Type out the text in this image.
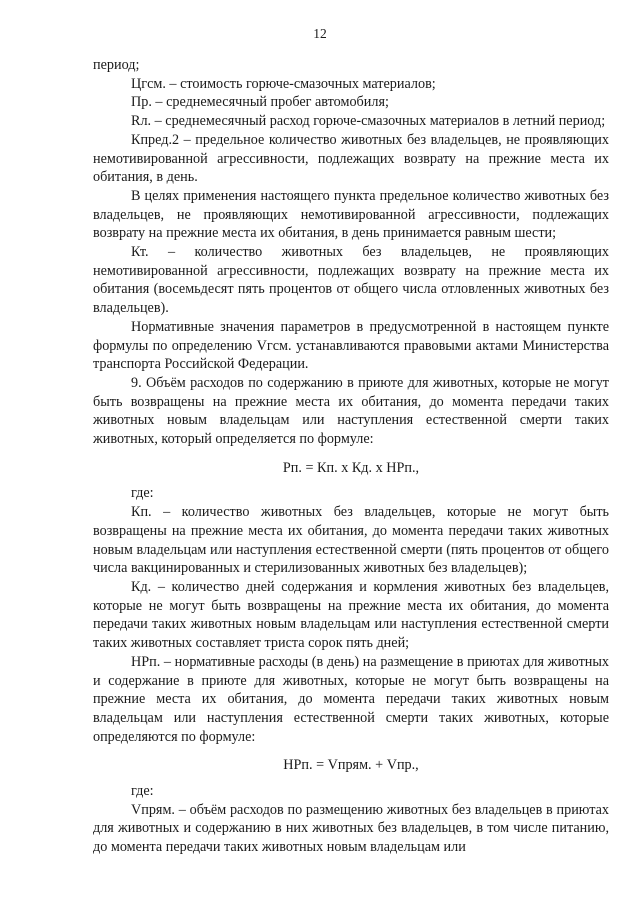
12

период;

Цгсм. – стоимость горюче-смазочных материалов;

Пр. – среднемесячный пробег автомобиля;

Rл. – среднемесячный расход горюче-смазочных материалов в летний период;

Кпред.2 – предельное количество животных без владельцев, не проявляющих немотивированной агрессивности, подлежащих возврату на прежние места их обитания, в день.

В целях применения настоящего пункта предельное количество животных без владельцев, не проявляющих немотивированной агрессивности, подлежащих возврату на прежние места их обитания, в день принимается равным шести;

Кт. – количество животных без владельцев, не проявляющих немотивированной агрессивности, подлежащих возврату на прежние места их обитания (восемьдесят пять процентов от общего числа отловленных животных без владельцев).

Нормативные значения параметров в предусмотренной в настоящем пункте формулы по определению Vгсм. устанавливаются правовыми актами Министерства транспорта Российской Федерации.

9. Объём расходов по содержанию в приюте для животных, которые не могут быть возвращены на прежние места их обитания, до момента передачи таких животных новым владельцам или наступления естественной смерти таких животных, который определяется по формуле:

Рп. = Кп. х Кд. х НРп.,

где:

Кп. – количество животных без владельцев, которые не могут быть возвращены на прежние места их обитания, до момента передачи таких животных новым владельцам или наступления естественной смерти (пять процентов от общего числа вакцинированных и стерилизованных животных без владельцев);

Кд. – количество дней содержания и кормления животных без владельцев, которые не могут быть возвращены на прежние места их обитания, до момента передачи таких животных новым владельцам или наступления естественной смерти таких животных составляет триста сорок пять дней;

НРп. – нормативные расходы (в день) на размещение в приютах для животных и содержание в приюте для животных, которые не могут быть возвращены на прежние места их обитания, до момента передачи таких животных новым владельцам или наступления естественной смерти таких животных, которые определяются по формуле:

НРп. = Vпрям. + Vпр.,

где:

Vпрям. – объём расходов по размещению животных без владельцев в приютах для животных и содержанию в них животных без владельцев, в том числе питанию, до момента передачи таких животных новым владельцам или
